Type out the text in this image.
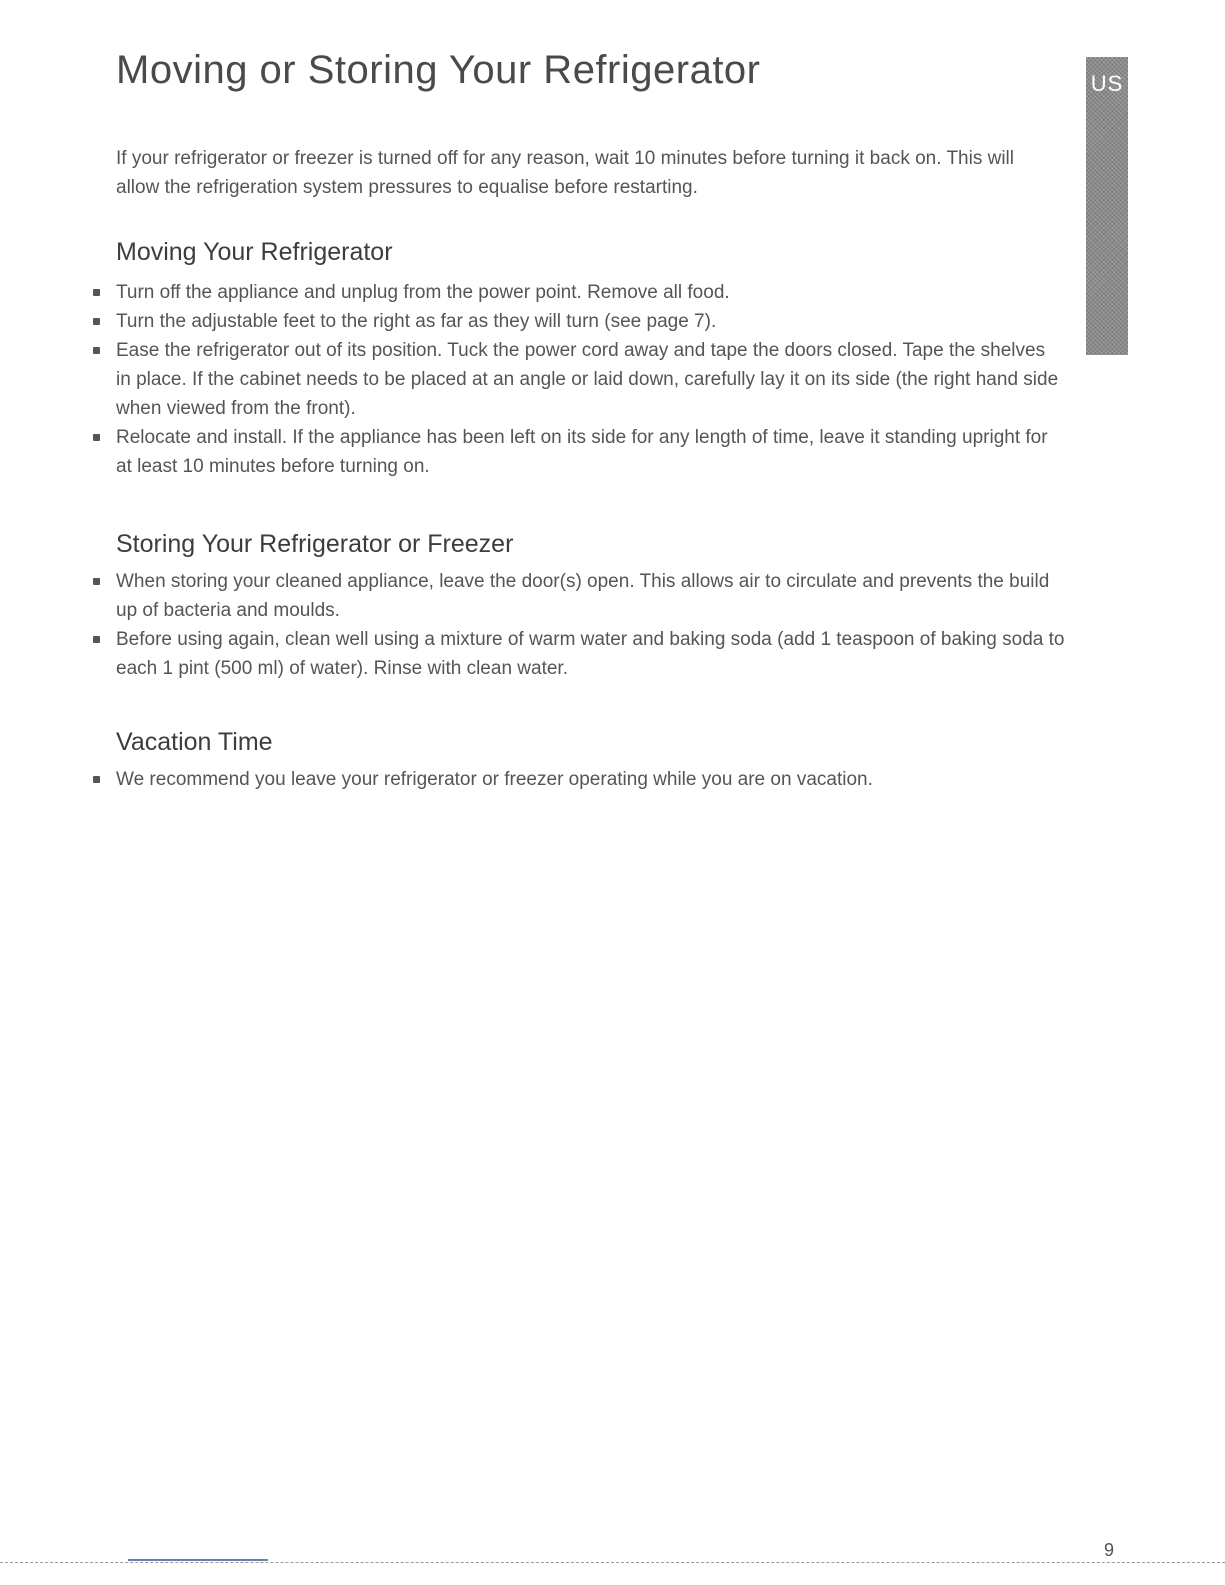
Moving or Storing Your Refrigerator	US

If your refrigerator or freezer is turned off for any reason, wait 10 minutes before turning it back on. This will allow the refrigeration system pressures to equalise before restarting.

Moving Your Refrigerator
Turn off the appliance and unplug from the power point. Remove all food.
Turn the adjustable feet to the right as far as they will turn (see page 7).
Ease the refrigerator out of its position. Tuck the power cord away and tape the doors closed. Tape the shelves in place. If the cabinet needs to be placed at an angle or laid down, carefully lay it on its side (the right hand side when viewed from the front).
Relocate and install. If the appliance has been left on its side for any length of time, leave it standing upright for at least 10 minutes before turning on.
Storing Your Refrigerator or Freezer
When storing your cleaned appliance, leave the door(s) open. This allows air to circulate and prevents the build up of bacteria and moulds.
Before using again, clean well using a mixture of warm water and baking soda (add 1 teaspoon of baking soda to each 1 pint (500 ml) of water). Rinse with clean water.
Vacation Time
We recommend you leave your refrigerator or freezer operating while you are on vacation.
9
